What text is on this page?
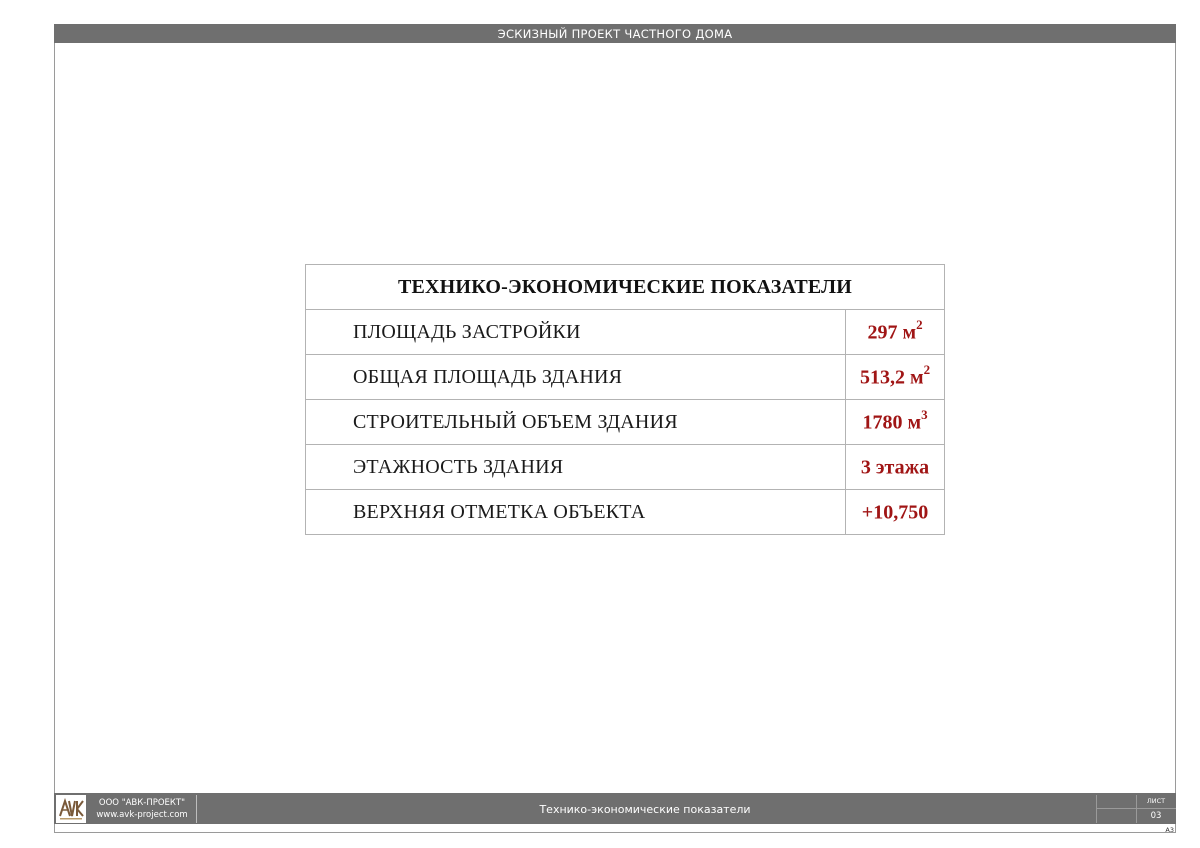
ЭСКИЗНЫЙ ПРОЕКТ ЧАСТНОГО ДОМА
ТЕХНИКО-ЭКОНОМИЧЕСКИЕ ПОКАЗАТЕЛИ	
ПЛОЩАДЬ ЗАСТРОЙКИ	297 $м^2$
ОБЩАЯ ПЛОЩАДЬ ЗДАНИЯ	513,2 $м^2$
СТРОИТЕЛЬНЫЙ ОБЪЕМ ЗДАНИЯ	1780 $м^3$
ЭТАЖНОСТЬ ЗДАНИЯ	3 этажа
ВЕРХНЯЯ ОТМЕТКА ОБЪЕКТА	+10,750
ООО "АВК-ПРОЕКТ"
www.avk-project.com	Технико-экономические показатели
ЛИСТ
03
А3
